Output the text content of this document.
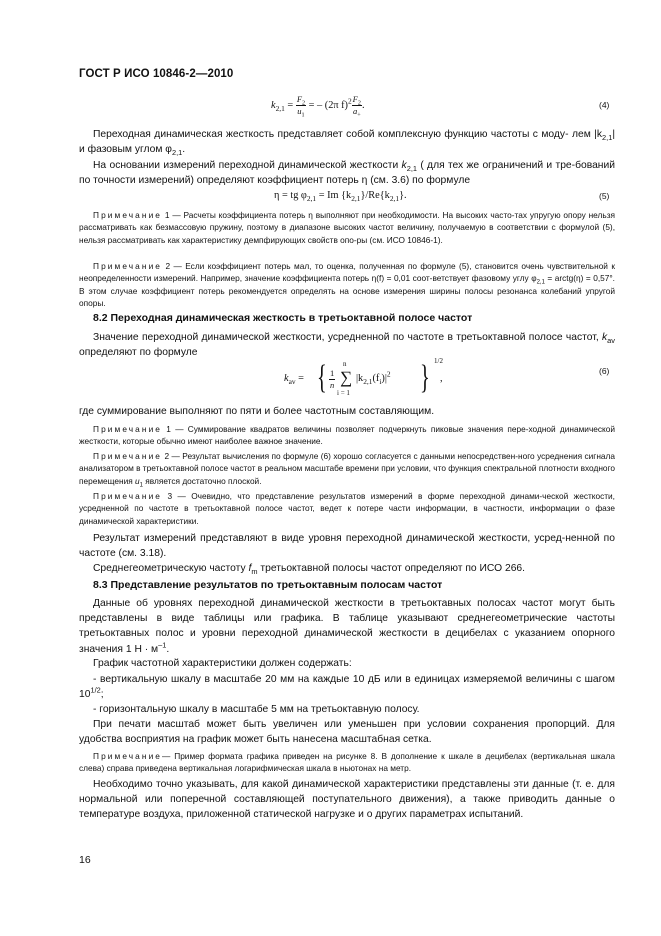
ГОСТ Р ИСО 10846-2—2010
$k_{2,1} = \frac{F_2}{u_1}$ = – (2π $f)^2 \frac{F_2}{a_+}$ .	(4)
Переходная динамическая жесткость представляет собой комплексную функцию частоты с моду- лем $|k_{2,1}|$ и фазовым углом $\varphi_{2,1}$.
На основании измерений переходной динамической жесткости $k_{2,1}$ ( для тех же ограничений и тре-бований по точности измерений) определяют коэффициент потерь η (см. 3.6) по формуле
η = tg $\varphi_{2,1} = Im$ $\{k_{2,1}\}/Re\{k_{2,1}\}$.	(5)
Примечание 1 — Расчеты коэффициента потерь η выполняют при необходимости. На высоких часто-тах упругую опору нельзя рассматривать как безмассовую пружину, поэтому в диапазоне высоких частот величину, получаемую в соответствии с формулой (5), нельзя рассматривать как характеристику демпфирующих свойств опо-ры (см. ИСО 10846-1).
Примечание 2 — Если коэффициент потерь мал, то оценка, полученная по формуле (5), становится очень чувствительной к неопределенности измерений. Например, значение коэффициента потерь η(f) = 0,01 соот-ветствует фазовому углу $\varphi_{2,1}$ = arctg(η) = 0,57°. В этом случае коэффициент потерь рекомендуется определять на основе измерения ширины полосы резонанса колебаний упругой опоры.
8.2 Переходная динамическая жесткость в третьоктавной полосе частот
Значение переходной динамической жесткости, усредненной по частоте в третьоктавной полосе частот, $k_{av}$ определяют по формуле
$k_{av}$ = { $\frac{1}{n}$
n
∑
i = 1
$|k_{2,1}(f_i)|^2$ } 1/2
,
(6)
где суммирование выполняют по пяти и более частотным составляющим.
Примечание 1 — Суммирование квадратов величины позволяет подчеркнуть пиковые значения пере-ходной динамической жесткости, которые обычно имеют наиболее важное значение.
Примечание 2 — Результат вычисления по формуле (6) хорошо согласуется с данными непосредствен-ного усреднения сигнала анализатором в третьоктавной полосе частот в реальном масштабе времени при условии, что функция спектральной плотности входного перемещения $u_1$ является достаточно плоской.
Примечание 3 — Очевидно, что представление результатов измерений в форме переходной динами-ческой жесткости, усредненной по частоте в третьоктавной полосе частот, ведет к потере части информации, в частности, информации о фазе динамической характеристики.
Результат измерений представляют в виде уровня переходной динамической жесткости, усред-ненной по частоте (см. 3.18).
Среднегеометрическую частоту $f_m$ третьоктавной полосы частот определяют по ИСО 266.
8.3 Представление результатов по третьоктавным полосам частот
Данные об уровнях переходной динамической жесткости в третьоктавных полосах частот могут быть представлены в виде таблицы или графика. В таблице указывают среднегеометрические частоты третьоктавных полос и уровни переходной динамической жесткости в децибелах с указанием опорного значения 1 $Н \cdot м^{-1}$.
График частотной характеристики должен содержать:
- вертикальную шкалу в масштабе 20 мм на каждые 10 дБ или в единицах измеряемой величины с шагом $10^{1/2}$;
- горизонтальную шкалу в масштабе 5 мм на третьоктавную полосу.
При печати масштаб может быть увеличен или уменьшен при условии сохранения пропорций. Для удобства восприятия на график может быть нанесена масштабная сетка.
Примечание— Пример формата графика приведен на рисунке 8. В дополнение к шкале в децибелах (вертикальная шкала слева) справа приведена вертикальная логарифмическая шкала в ньютонах на метр.
Необходимо точно указывать, для какой динамической характеристики представлены эти данные (т. е. для нормальной или поперечной составляющей поступательного движения), а также приводить данные о температуре воздуха, приложенной статической нагрузке и о других параметрах испытаний.
16
